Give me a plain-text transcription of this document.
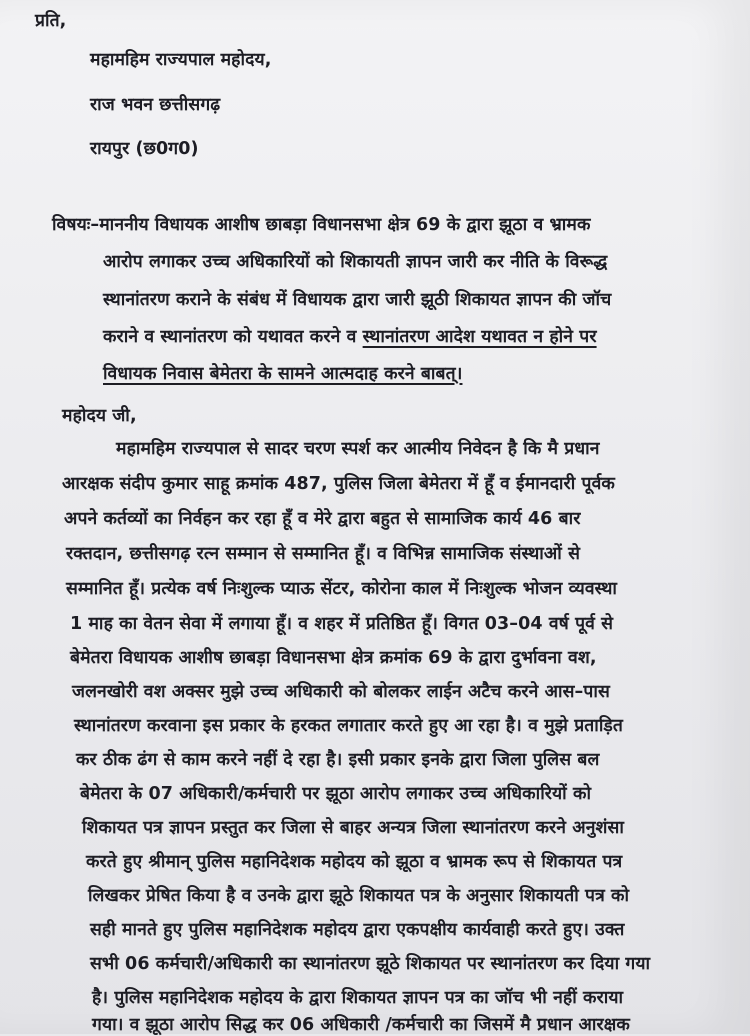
प्रति,

महामहिम राज्यपाल महोदय,

राज भवन छत्तीसगढ़

रायपुर (छ0ग0)

विषयः–माननीय विधायक आशीष छाबड़ा विधानसभा क्षेत्र 69 के द्वारा झूठा व भ्रामक

आरोप लगाकर उच्च अधिकारियों को शिकायती ज्ञापन जारी कर नीति के विरूद्ध

स्थानांतरण कराने के संबंध में विधायक द्वारा जारी झूठी शिकायत ज्ञापन की जॉच

कराने व स्थानांतरण को यथावत करने व स्थानांतरण आदेश यथावत न होने पर

विधायक निवास बेमेतरा के सामने आत्मदाह करने बाबत्।

महोदय जी,

महामहिम राज्यपाल से सादर चरण स्पर्श कर आत्मीय निवेदन है कि मै प्रधान

आरक्षक संदीप कुमार साहू क्रमांक 487, पुलिस जिला बेमेतरा में हूँ व ईमानदारी पूर्वक

अपने कर्तव्यों का निर्वहन कर रहा हूँ व मेरे द्वारा बहुत से सामाजिक कार्य 46 बार

रक्तदान, छत्तीसगढ़ रत्न सम्मान से सम्मानित हूँ। व विभिन्न सामाजिक संस्थाओं से

सम्मानित हूँ। प्रत्येक वर्ष निःशुल्क प्याऊ सेंटर, कोरोना काल में निःशुल्क भोजन व्यवस्था

1 माह का वेतन सेवा में लगाया हूँ। व शहर में प्रतिष्ठित हूँ। विगत 03–04 वर्ष पूर्व से

बेमेतरा विधायक आशीष छाबड़ा विधानसभा क्षेत्र क्रमांक 69 के द्वारा दुर्भावना वश,

जलनखोरी वश अक्सर मुझे उच्च अधिकारी को बोलकर लाईन अटैच करने आस–पास

स्थानांतरण करवाना इस प्रकार के हरकत लगातार करते हुए आ रहा है। व मुझे प्रताड़ित

कर ठीक ढंग से काम करने नहीं दे रहा है। इसी प्रकार इनके द्वारा जिला पुलिस बल

बेमेतरा के 07 अधिकारी/कर्मचारी पर झूठा आरोप लगाकर उच्च अधिकारियों को

शिकायत पत्र ज्ञापन प्रस्तुत कर जिला से बाहर अन्यत्र जिला स्थानांतरण करने अनुशंसा

करते हुए श्रीमान् पुलिस महानिदेशक महोदय को झूठा व भ्रामक रूप से शिकायत पत्र

लिखकर प्रेषित किया है व उनके द्वारा झूठे शिकायत पत्र के अनुसार शिकायती पत्र को

सही मानते हुए पुलिस महानिदेशक महोदय द्वारा एकपक्षीय कार्यवाही करते हुए। उक्त

सभी 06 कर्मचारी/अधिकारी का स्थानांतरण झूठे शिकायत पर स्थानांतरण कर दिया गया

है। पुलिस महानिदेशक महोदय के द्वारा शिकायत ज्ञापन पत्र का जॉच भी नहीं कराया

गया। व झूठा आरोप सिद्ध कर 06 अधिकारी /कर्मचारी का जिसमें मै प्रधान आरक्षक
